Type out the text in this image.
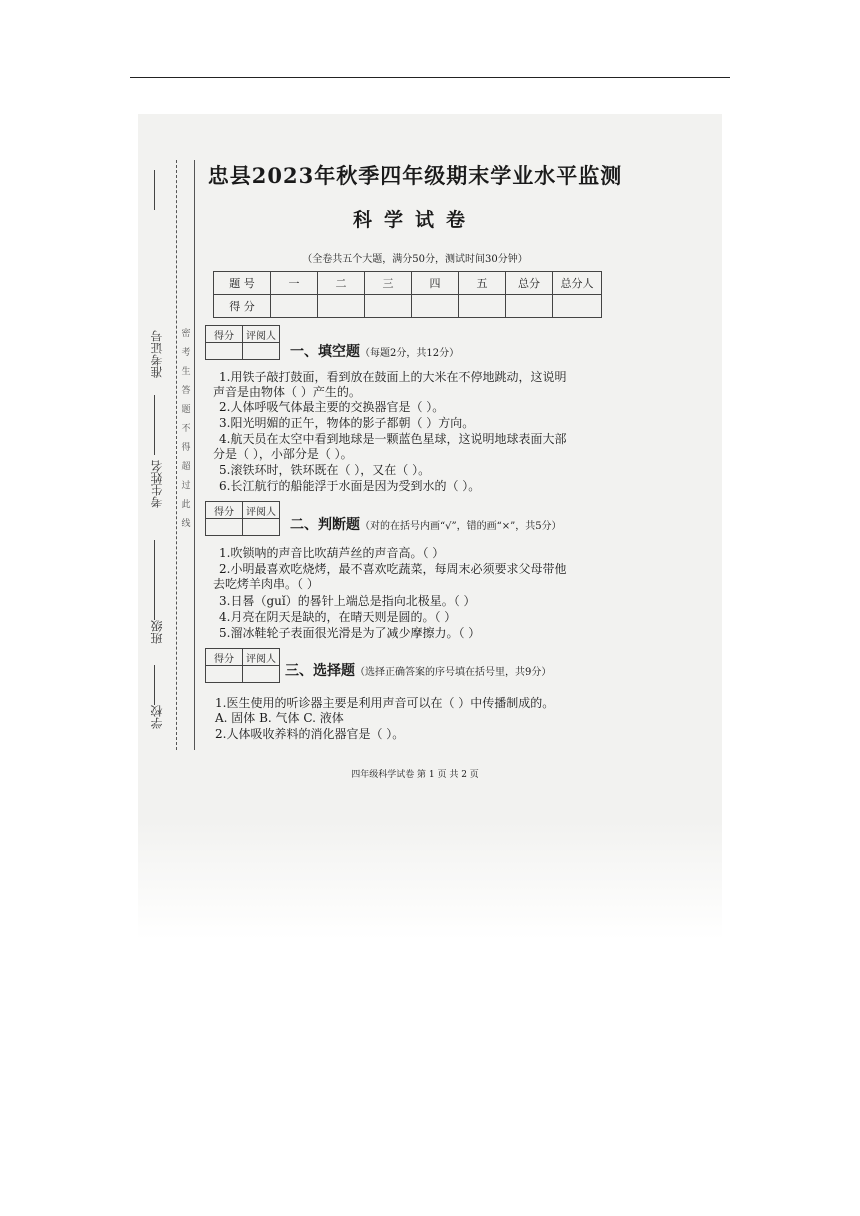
准考证号
考生姓名
班级
学校
密
考
生
答
题
不
得
超
过
此
线
忠县2023年秋季四年级期末学业水平监测
科学试卷
（全卷共五个大题，满分50分，测试时间30分钟）
题 号	一	二	三	四	五	总分	总分人
得 分							
得分	评阅人

一、填空题（每题2分，共12分）
1.用铁子敲打鼓面，看到放在鼓面上的大米在不停地跳动，这说明
声音是由物体（ ）产生的。
2.人体呼吸气体最主要的交换器官是（ ）。
3.阳光明媚的正午，物体的影子都朝（ ）方向。
4.航天员在太空中看到地球是一颗蓝色星球，这说明地球表面大部
分是（ ），小部分是（ ）。
5.滚铁环时，铁环既在（ ），又在（ ）。
6.长江航行的船能浮于水面是因为受到水的（ ）。
得分	评阅人

二、判断题（对的在括号内画“√”，错的画“×”，共5分）
1.吹锁呐的声音比吹葫芦丝的声音高。（ ）
2.小明最喜欢吃烧烤，最不喜欢吃蔬菜，每周末必须要求父母带他
去吃烤羊肉串。（ ）
3.日晷（guǐ）的晷针上端总是指向北极星。（ ）
4.月亮在阴天是缺的，在晴天则是圆的。（ ）
5.溜冰鞋轮子表面很光滑是为了减少摩擦力。（ ）
得分	评阅人

三、选择题（选择正确答案的序号填在括号里，共9分）
1.医生使用的听诊器主要是利用声音可以在（ ）中传播制成的。
A. 固体 B. 气体 C. 液体
2.人体吸收养料的消化器官是（ ）。
四年级科学试卷 第 1 页 共 2 页
